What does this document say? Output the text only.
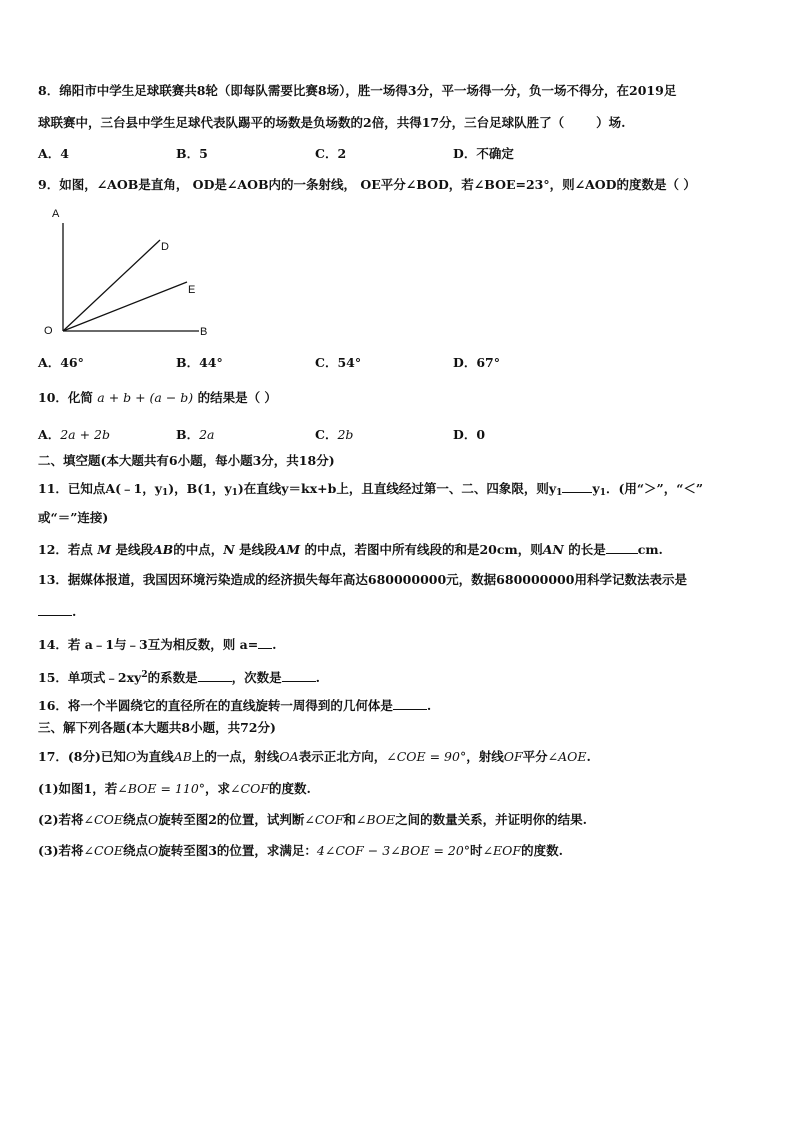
8．绵阳市中学生足球联赛共8轮（即每队需要比赛8场），胜一场得3分，平一场得一分，负一场不得分，在2019足
球联赛中，三台县中学生足球代表队踢平的场数是负场数的2倍，共得17分，三台足球队胜了（	）场.
A．4	B．5	C．2	D．不确定
9．如图，∠AOB是直角， OD是∠AOB内的一条射线， OE平分∠BOD，若∠BOE=23°，则∠AOD的度数是（ ）
A
O	B
D
E
A．46°	B．44°	C．54°	D．67°
10．化简 a + b + (a − b) 的结果是（ ）
A．2a + 2b	B．2a	C．2b	D．0
二、填空题(本大题共有6小题，每小题3分，共18分)
11．已知点A(﹣1，$y_1$)，B(1，$y_1$)在直线y＝kx+b上，且直线经过第一、二、四象限，则$y_1$ $y_1$．(用“＞”，“＜”
或“＝”连接)
12．若点 M 是线段AB的中点，N 是线段AM 的中点，若图中所有线段的和是20cm，则AN 的长是	cm.
13．据媒体报道，我国因环境污染造成的经济损失每年高达680000000元，数据680000000用科学记数法表示是
.
14．若 a﹣1与﹣3互为相反数，则 a= .
15．单项式$﹣2xy^2$的系数是	，次数是	.
16．将一个半圆绕它的直径所在的直线旋转一周得到的几何体是	.
三、解下列各题(本大题共8小题，共72分)
17．(8分)已知O为直线AB上的一点，射线OA表示正北方向，∠COE = 90°，射线OF平分∠AOE.
(1)如图1，若∠BOE = 110°，求∠COF的度数.
(2)若将∠COE绕点O旋转至图2的位置，试判断∠COF和∠BOE之间的数量关系，并证明你的结果.
(3)若将∠COE绕点O旋转至图3的位置，求满足：4∠COF − 3∠BOE = 20°时∠EOF的度数.
